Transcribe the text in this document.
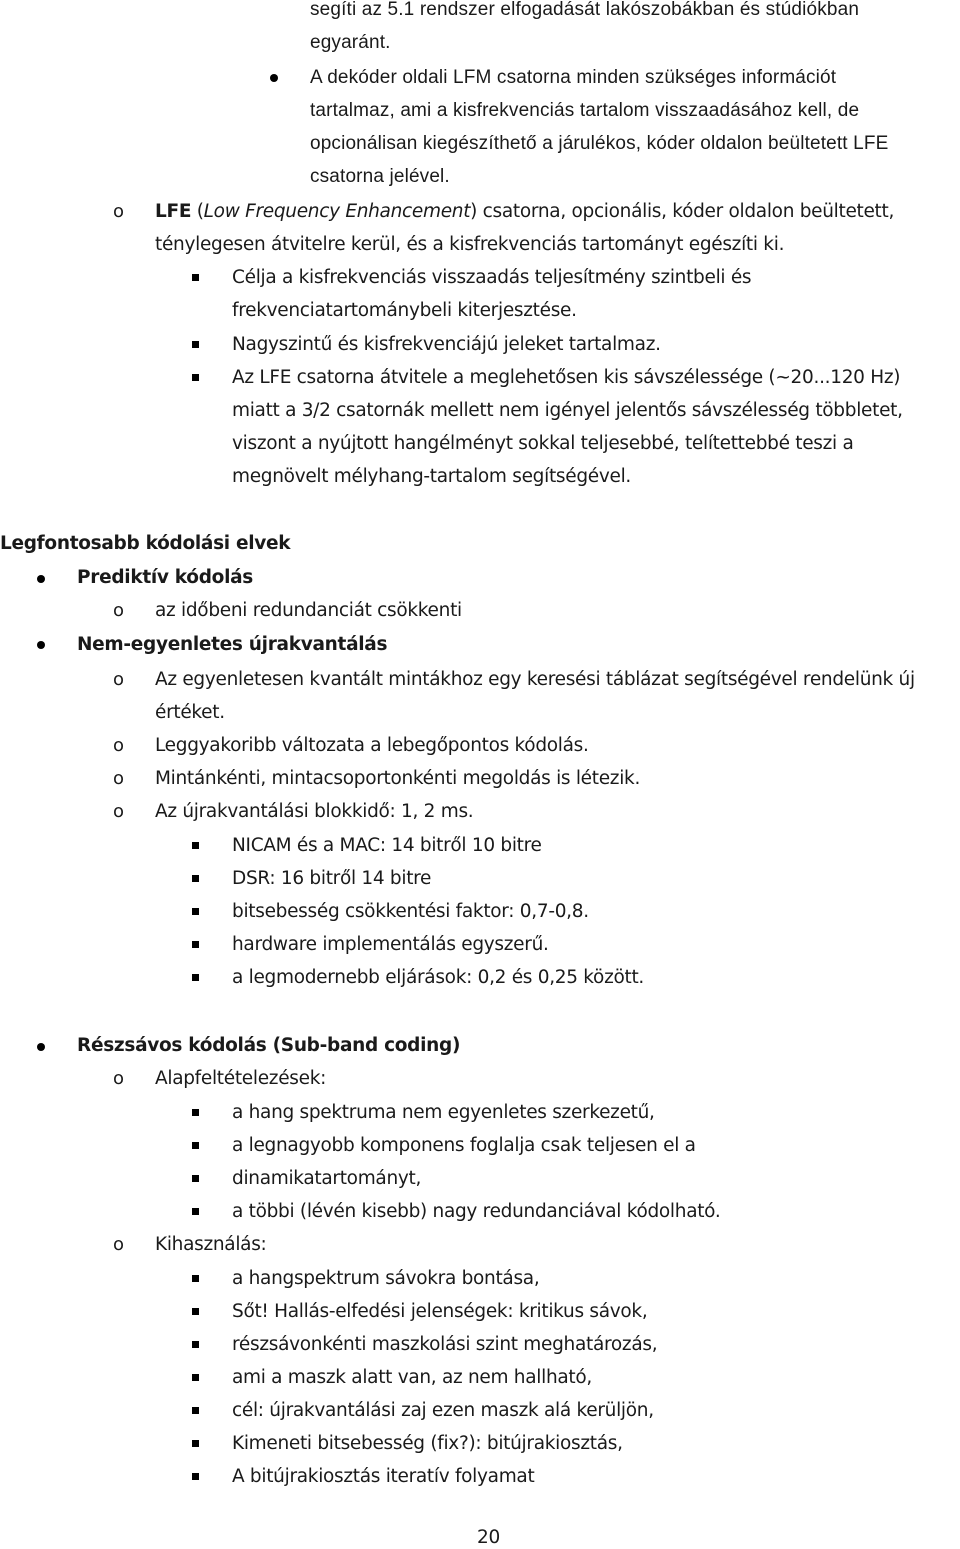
segíti az 5.1 rendszer elfogadását lakószobákban és stúdiókban
egyaránt.
A dekóder oldali LFM csatorna minden szükséges információt
tartalmaz, ami a kisfrekvenciás tartalom visszaadásához kell, de
opcionálisan kiegészíthető a járulékos, kóder oldalon beültetett LFE
csatorna jelével.
o LFE (Low Frequency Enhancement) csatorna, opcionális, kóder oldalon beültetett,
ténylegesen átvitelre kerül, és a kisfrekvenciás tartományt egészíti ki.
Célja a kisfrekvenciás visszaadás teljesítmény szintbeli és
frekvenciatartománybeli kiterjesztése.
Nagyszintű és kisfrekvenciájú jeleket tartalmaz.
Az LFE csatorna átvitele a meglehetősen kis sávszélessége (~20...120 Hz)
miatt a 3/2 csatornák mellett nem igényel jelentős sávszélesség többletet,
viszont a nyújtott hangélményt sokkal teljesebbé, telítettebbé teszi a
megnövelt mélyhang-tartalom segítségével.
Legfontosabb kódolási elvek
Prediktív kódolás
o az időbeni redundanciát csökkenti
Nem-egyenletes újrakvantálás
o Az egyenletesen kvantált mintákhoz egy keresési táblázat segítségével rendelünk új
értéket.
o Leggyakoribb változata a lebegőpontos kódolás.
o Mintánkénti, mintacsoportonkénti megoldás is létezik.
o Az újrakvantálási blokkidő: 1, 2 ms.
NICAM és a MAC: 14 bitről 10 bitre
DSR: 16 bitről 14 bitre
bitsebesség csökkentési faktor: 0,7-0,8.
hardware implementálás egyszerű.
a legmodernebb eljárások: 0,2 és 0,25 között.
Részsávos kódolás (Sub-band coding)
o Alapfeltételezések:
a hang spektruma nem egyenletes szerkezetű,
a legnagyobb komponens foglalja csak teljesen el a
dinamikatartományt,
a többi (lévén kisebb) nagy redundanciával kódolható.
o Kihasználás:
a hangspektrum sávokra bontása,
Sőt! Hallás-elfedési jelenségek: kritikus sávok,
részsávonkénti maszkolási szint meghatározás,
ami a maszk alatt van, az nem hallható,
cél: újrakvantálási zaj ezen maszk alá kerüljön,
Kimeneti bitsebesség (fix?): bitújrakiosztás,
A bitújrakiosztás iteratív folyamat
20
